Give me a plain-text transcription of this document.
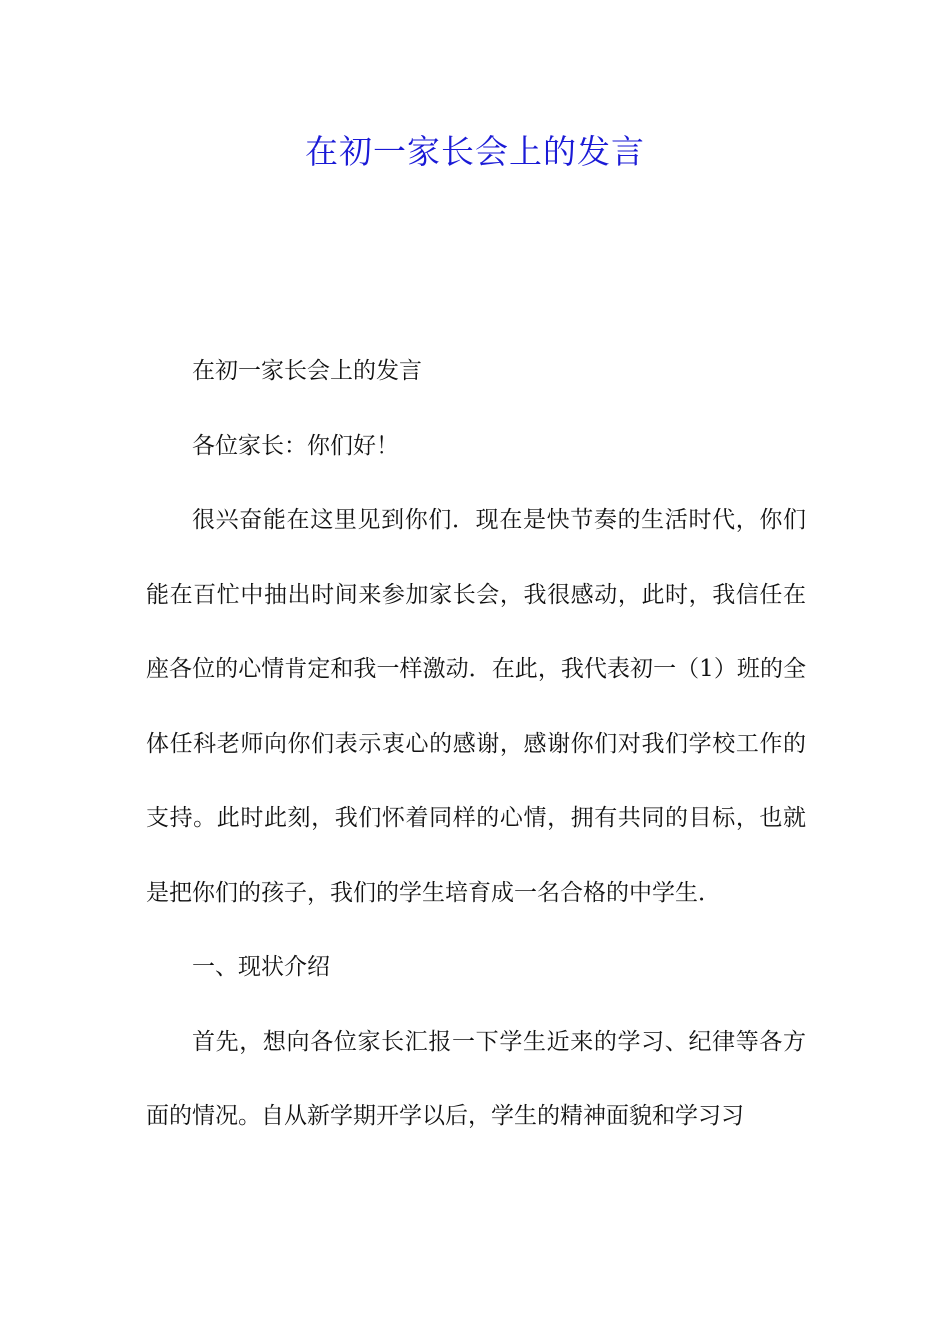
在初一家长会上的发言

在初一家长会上的发言

各位家长：你们好！

很兴奋能在这里见到你们．现在是快节奏的生活时代，你们能在百忙中抽出时间来参加家长会，我很感动，此时，我信任在座各位的心情肯定和我一样激动．在此，我代表初一（1）班的全体任科老师向你们表示衷心的感谢，感谢你们对我们学校工作的支持。此时此刻，我们怀着同样的心情，拥有共同的目标，也就是把你们的孩子，我们的学生培育成一名合格的中学生．

一、现状介绍

首先，想向各位家长汇报一下学生近来的学习、纪律等各方面的情况。自从新学期开学以后，学生的精神面貌和学习习
